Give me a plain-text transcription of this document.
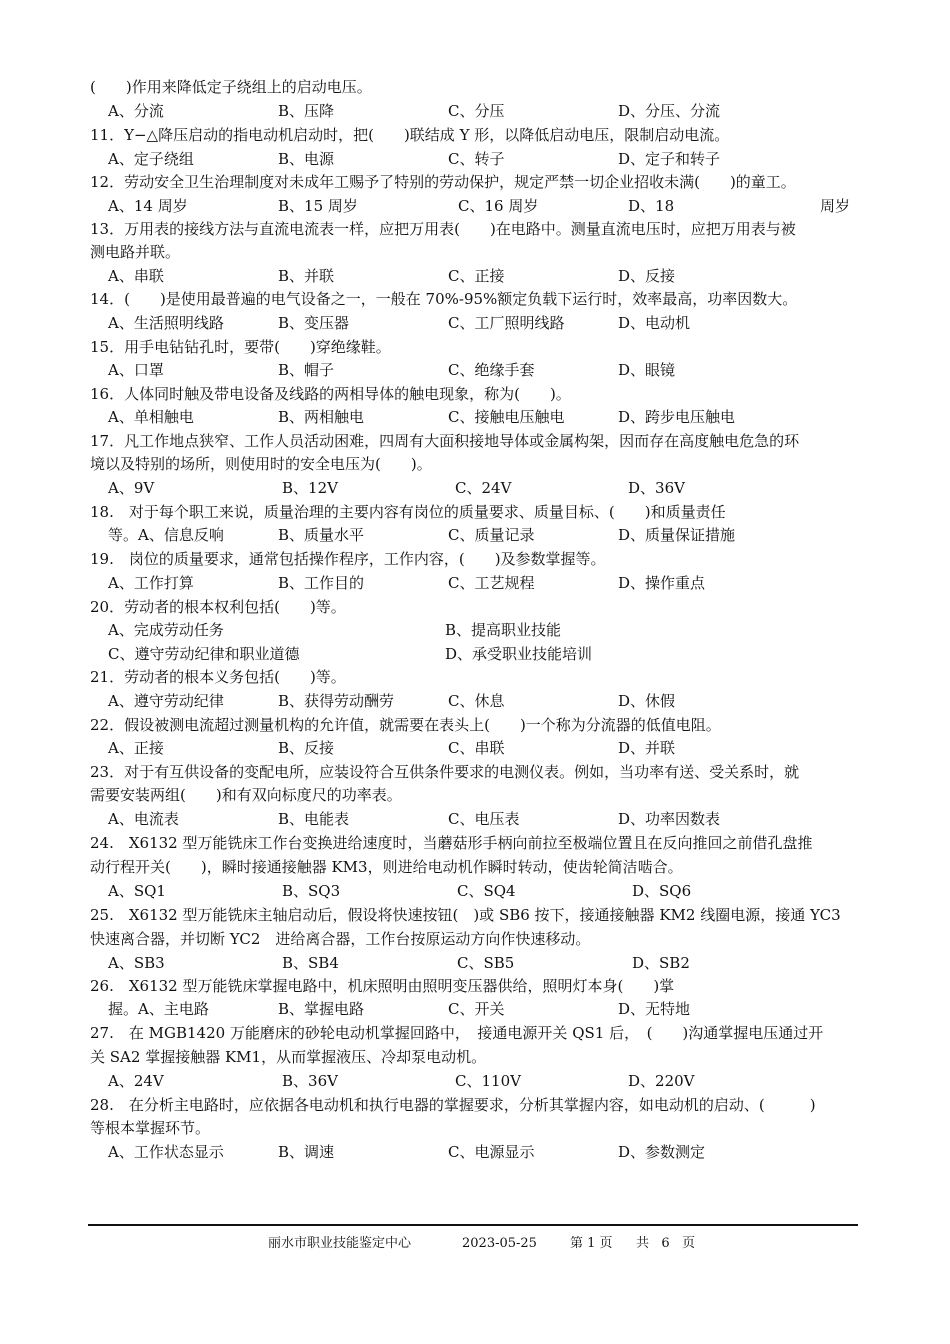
(　　)作用来降低定子绕组上的启动电压。
A、分流	B、压降	C、分压	D、分压、分流
11．Y−△降压启动的指电动机启动时，把(　　)联结成 Y 形，以降低启动电压，限制启动电流。
A、定子绕组	B、电源	C、转子	D、定子和转子
12．劳动安全卫生治理制度对未成年工赐予了特别的劳动保护，规定严禁一切企业招收未满(　　)的童工。
A、14 周岁	B、15 周岁	C、16 周岁	D、18	周岁
13．万用表的接线方法与直流电流表一样，应把万用表(　　)在电路中。测量直流电压时，应把万用表与被
测电路并联。
A、串联	B、并联	C、正接	D、反接
14．(　　)是使用最普遍的电气设备之一，一般在 70%-95%额定负载下运行时，效率最高，功率因数大。
A、生活照明线路	B、变压器	C、工厂照明线路	D、电动机
15．用手电钻钻孔时，要带(　　)穿绝缘鞋。
A、口罩	B、帽子	C、绝缘手套	D、眼镜
16．人体同时触及带电设备及线路的两相导体的触电现象，称为(　　)。
A、单相触电	B、两相触电	C、接触电压触电	D、跨步电压触电
17．凡工作地点狭窄、工作人员活动困难，四周有大面积接地导体或金属构架，因而存在高度触电危急的环
境以及特别的场所，则使用时的安全电压为(　　)。
A、9V	B、12V	C、24V	D、36V
18.　对于每个职工来说，质量治理的主要内容有岗位的质量要求、质量目标、(　　)和质量责任
等。A、信息反响	B、质量水平	C、质量记录	D、质量保证措施
19.　岗位的质量要求，通常包括操作程序，工作内容，(　　)及参数掌握等。
A、工作打算	B、工作目的	C、工艺规程	D、操作重点
20．劳动者的根本权利包括(　　)等。
A、完成劳动任务	B、提高职业技能
C、遵守劳动纪律和职业道德	D、承受职业技能培训
21．劳动者的根本义务包括(　　)等。
A、遵守劳动纪律	B、获得劳动酬劳	C、休息	D、休假
22．假设被测电流超过测量机构的允许值，就需要在表头上(　　)一个称为分流器的低值电阻。
A、正接	B、反接	C、串联	D、并联
23．对于有互供设备的变配电所，应装设符合互供条件要求的电测仪表。例如，当功率有送、受关系时，就
需要安装两组(　　)和有双向标度尺的功率表。
A、电流表	B、电能表	C、电压表	D、功率因数表
24.　X6132 型万能铣床工作台变换进给速度时，当蘑菇形手柄向前拉至极端位置且在反向推回之前借孔盘推
动行程开关(　　)，瞬时接通接触器 KM3，则进给电动机作瞬时转动，使齿轮简洁啮合。
A、SQ1	B、SQ3	C、SQ4	D、SQ6
25.　X6132 型万能铣床主轴启动后，假设将快速按钮(　)或 SB6 按下，接通接触器 KM2 线圈电源，接通 YC3
快速离合器，并切断 YC2　进给离合器，工作台按原运动方向作快速移动。
A、SB3	B、SB4	C、SB5	D、SB2
26.　X6132 型万能铣床掌握电路中，机床照明由照明变压器供给，照明灯本身(　　)掌
握。A、主电路	B、掌握电路	C、开关	D、无特地
27.　在 MGB1420 万能磨床的砂轮电动机掌握回路中，　接通电源开关 QS1 后，　(　　)沟通掌握电压通过开
关 SA2 掌握接触器 KM1，从而掌握液压、冷却泵电动机。
A、24V	B、36V	C、110V	D、220V
28.　在分析主电路时，应依据各电动机和执行电器的掌握要求，分析其掌握内容，如电动机的启动、(　　　)
等根本掌握环节。
A、工作状态显示	B、调速	C、电源显示	D、参数测定
丽水市职业技能鉴定中心	2023-05-25	第 1 页 共   6   页
